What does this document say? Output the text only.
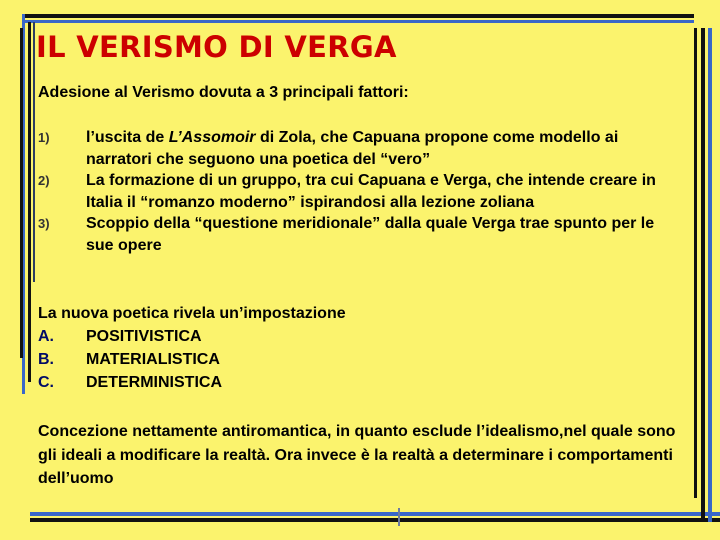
IL VERISMO DI VERGA
Adesione al Verismo dovuta a 3 principali fattori:
1) l’uscita de L’Assomoir di Zola, che Capuana propone come modello ai narratori che seguono una poetica del “vero”
2) La formazione di un gruppo, tra cui Capuana e Verga, che intende creare in Italia il “romanzo moderno” ispirandosi alla lezione zoliana
3) Scoppio della “questione meridionale” dalla quale Verga trae spunto per le sue opere
La nuova poetica rivela un’impostazione
A. POSITIVISTICA
B. MATERIALISTICA
C. DETERMINISTICA
Concezione nettamente antiromantica, in quanto esclude l’idealismo,nel quale sono gli ideali a modificare la realtà. Ora invece è la realtà a determinare i comportamenti dell’uomo
